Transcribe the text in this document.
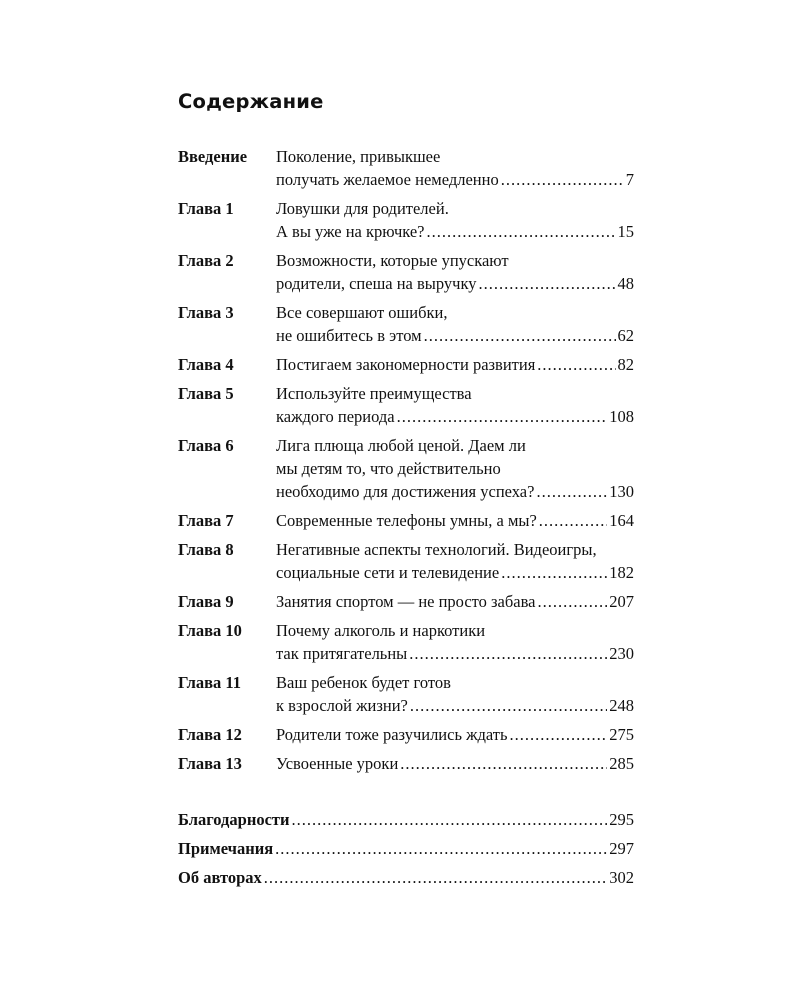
Содержание
Введение	Поколение, привыкшее
получать желаемое немедленно .....	7
Глава 1	Ловушки для родителей.
А вы уже на крючке? .....	15
Глава 2	Возможности, которые упускают
родители, спеша на выручку .....	48
Глава 3	Все совершают ошибки,
не ошибитесь в этом .....	62
Глава 4	Постигаем закономерности развития .....	82
Глава 5	Используйте преимущества
каждого периода .....	108
Глава 6	Лига плюща любой ценой. Даем ли
мы детям то, что действительно
необходимо для достижения успеха? .....	130
Глава 7	Современные телефоны умны, а мы? .....	164
Глава 8	Негативные аспекты технологий. Видеоигры,
социальные сети и телевидение .....	182
Глава 9	Занятия спортом — не просто забава .....	207
Глава 10	Почему алкоголь и наркотики
так притягательны .....	230
Глава 11	Ваш ребенок будет готов
к взрослой жизни? .....	248
Глава 12	Родители тоже разучились ждать .....	275
Глава 13	Усвоенные уроки .....	285
Благодарности .....	295
Примечания .....	297
Об авторах .....	302
